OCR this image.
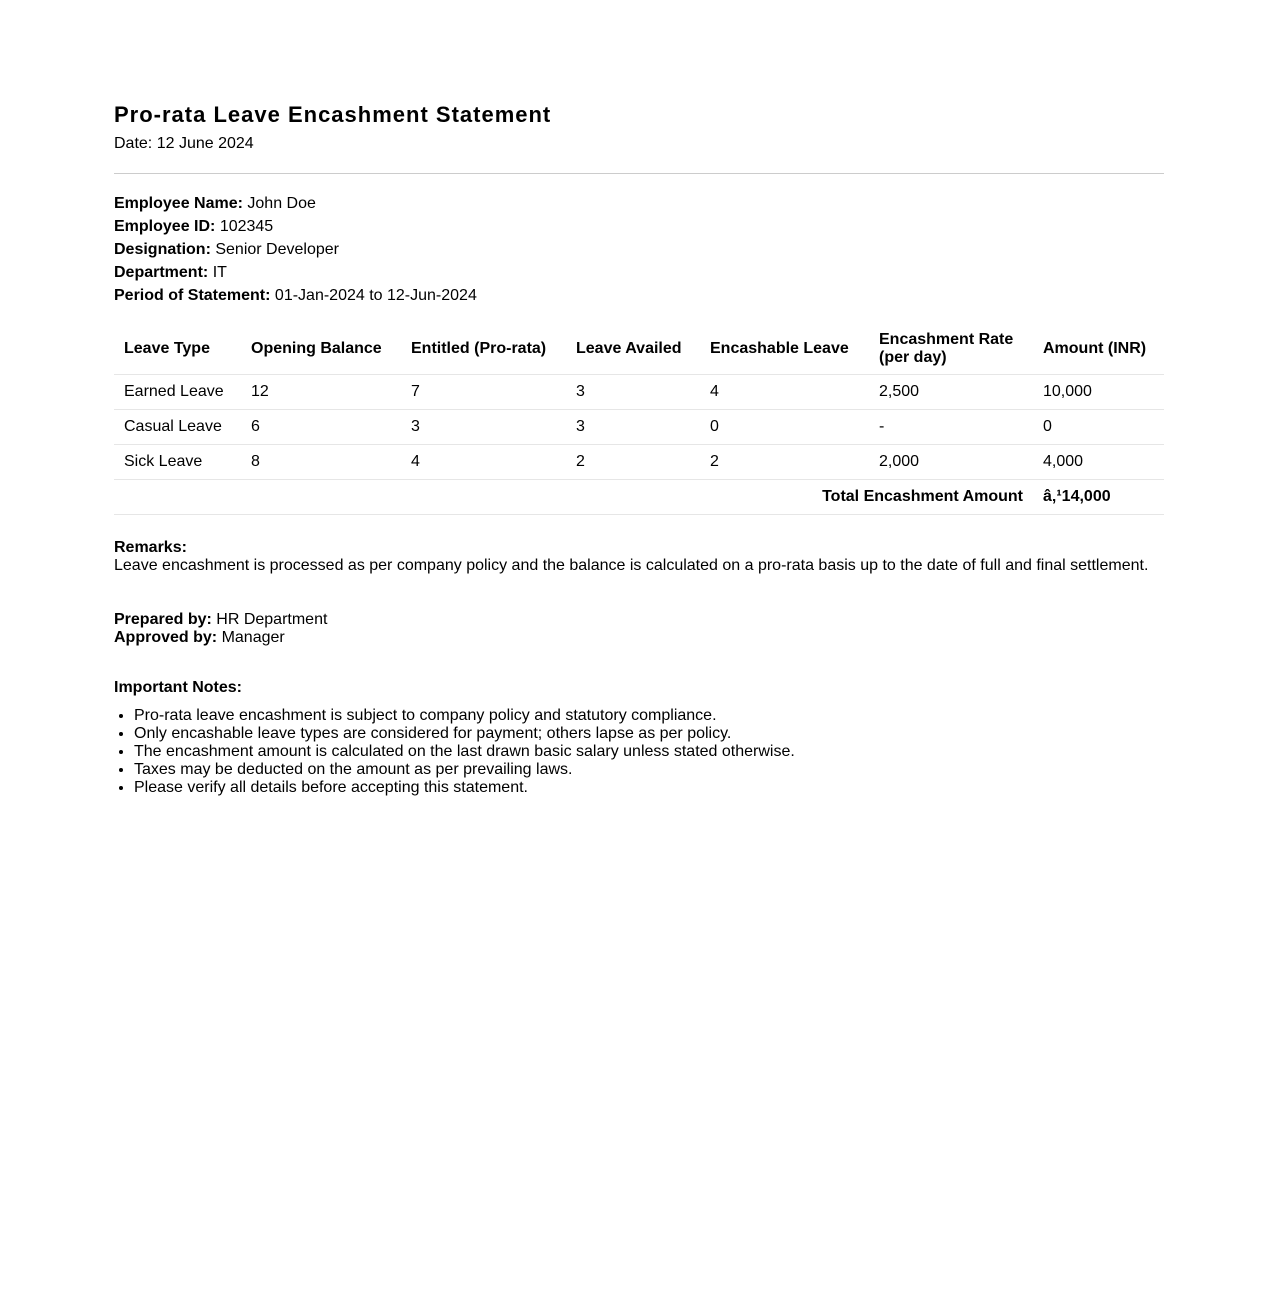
Pro-rata Leave Encashment Statement
Date: 12 June 2024
Employee Name: John Doe
Employee ID: 102345
Designation: Senior Developer
Department: IT
Period of Statement: 01-Jan-2024 to 12-Jun-2024
Leave Type	Opening Balance	Entitled (Pro-rata)	Leave Availed	Encashable Leave	Encashment Rate (per day)	Amount (INR)
Earned Leave	12	7	3	4	2,500	10,000
Casual Leave	6	3	3	0	-	0
Sick Leave	8	4	2	2	2,000	4,000
Total Encashment Amount						â‚¹14,000
Remarks:
Leave encashment is processed as per company policy and the balance is calculated on a pro-rata basis up to the date of full and final settlement.
Prepared by: HR Department
Approved by: Manager
Important Notes:
• Pro-rata leave encashment is subject to company policy and statutory compliance.
• Only encashable leave types are considered for payment; others lapse as per policy.
• The encashment amount is calculated on the last drawn basic salary unless stated otherwise.
• Taxes may be deducted on the amount as per prevailing laws.
• Please verify all details before accepting this statement.
